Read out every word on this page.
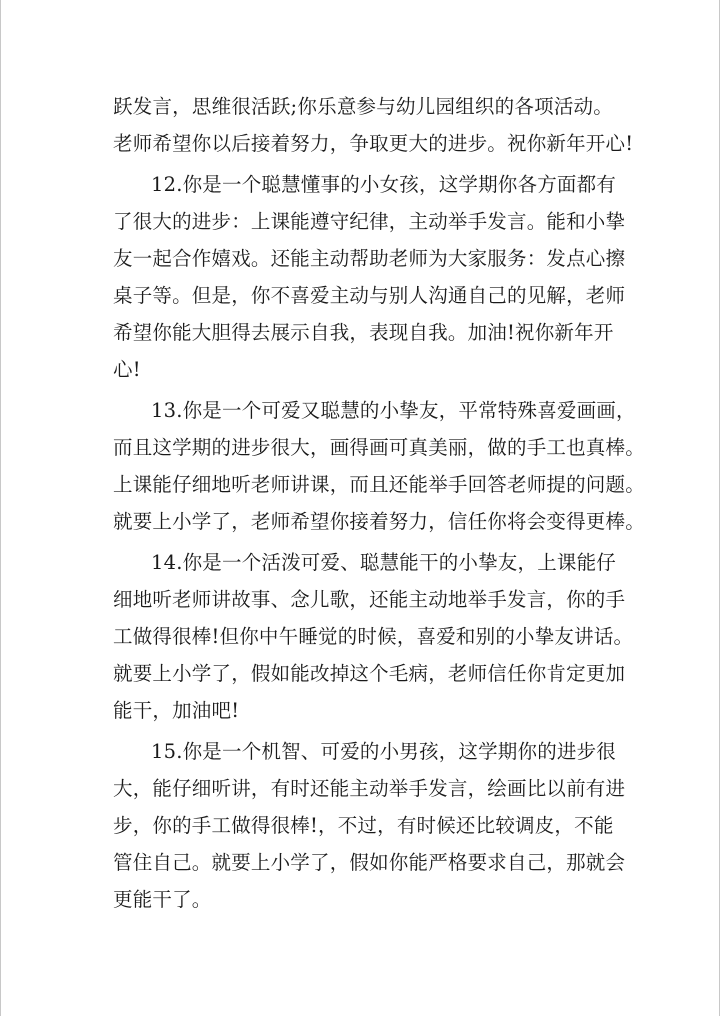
跃发言，思维很活跃;你乐意参与幼儿园组织的各项活动。
老师希望你以后接着努力，争取更大的进步。祝你新年开心!
12.你是一个聪慧懂事的小女孩，这学期你各方面都有
了很大的进步：上课能遵守纪律，主动举手发言。能和小挚
友一起合作嬉戏。还能主动帮助老师为大家服务：发点心擦
桌子等。但是，你不喜爱主动与别人沟通自己的见解，老师
希望你能大胆得去展示自我，表现自我。加油!祝你新年开
心!
13.你是一个可爱又聪慧的小挚友，平常特殊喜爱画画，
而且这学期的进步很大，画得画可真美丽，做的手工也真棒。
上课能仔细地听老师讲课，而且还能举手回答老师提的问题。
就要上小学了，老师希望你接着努力，信任你将会变得更棒。
14.你是一个活泼可爱、聪慧能干的小挚友，上课能仔
细地听老师讲故事、念儿歌，还能主动地举手发言，你的手
工做得很棒!但你中午睡觉的时候，喜爱和别的小挚友讲话。
就要上小学了，假如能改掉这个毛病，老师信任你肯定更加
能干，加油吧!
15.你是一个机智、可爱的小男孩，这学期你的进步很
大，能仔细听讲，有时还能主动举手发言，绘画比以前有进
步，你的手工做得很棒!，不过，有时候还比较调皮，不能
管住自己。就要上小学了，假如你能严格要求自己，那就会
更能干了。
